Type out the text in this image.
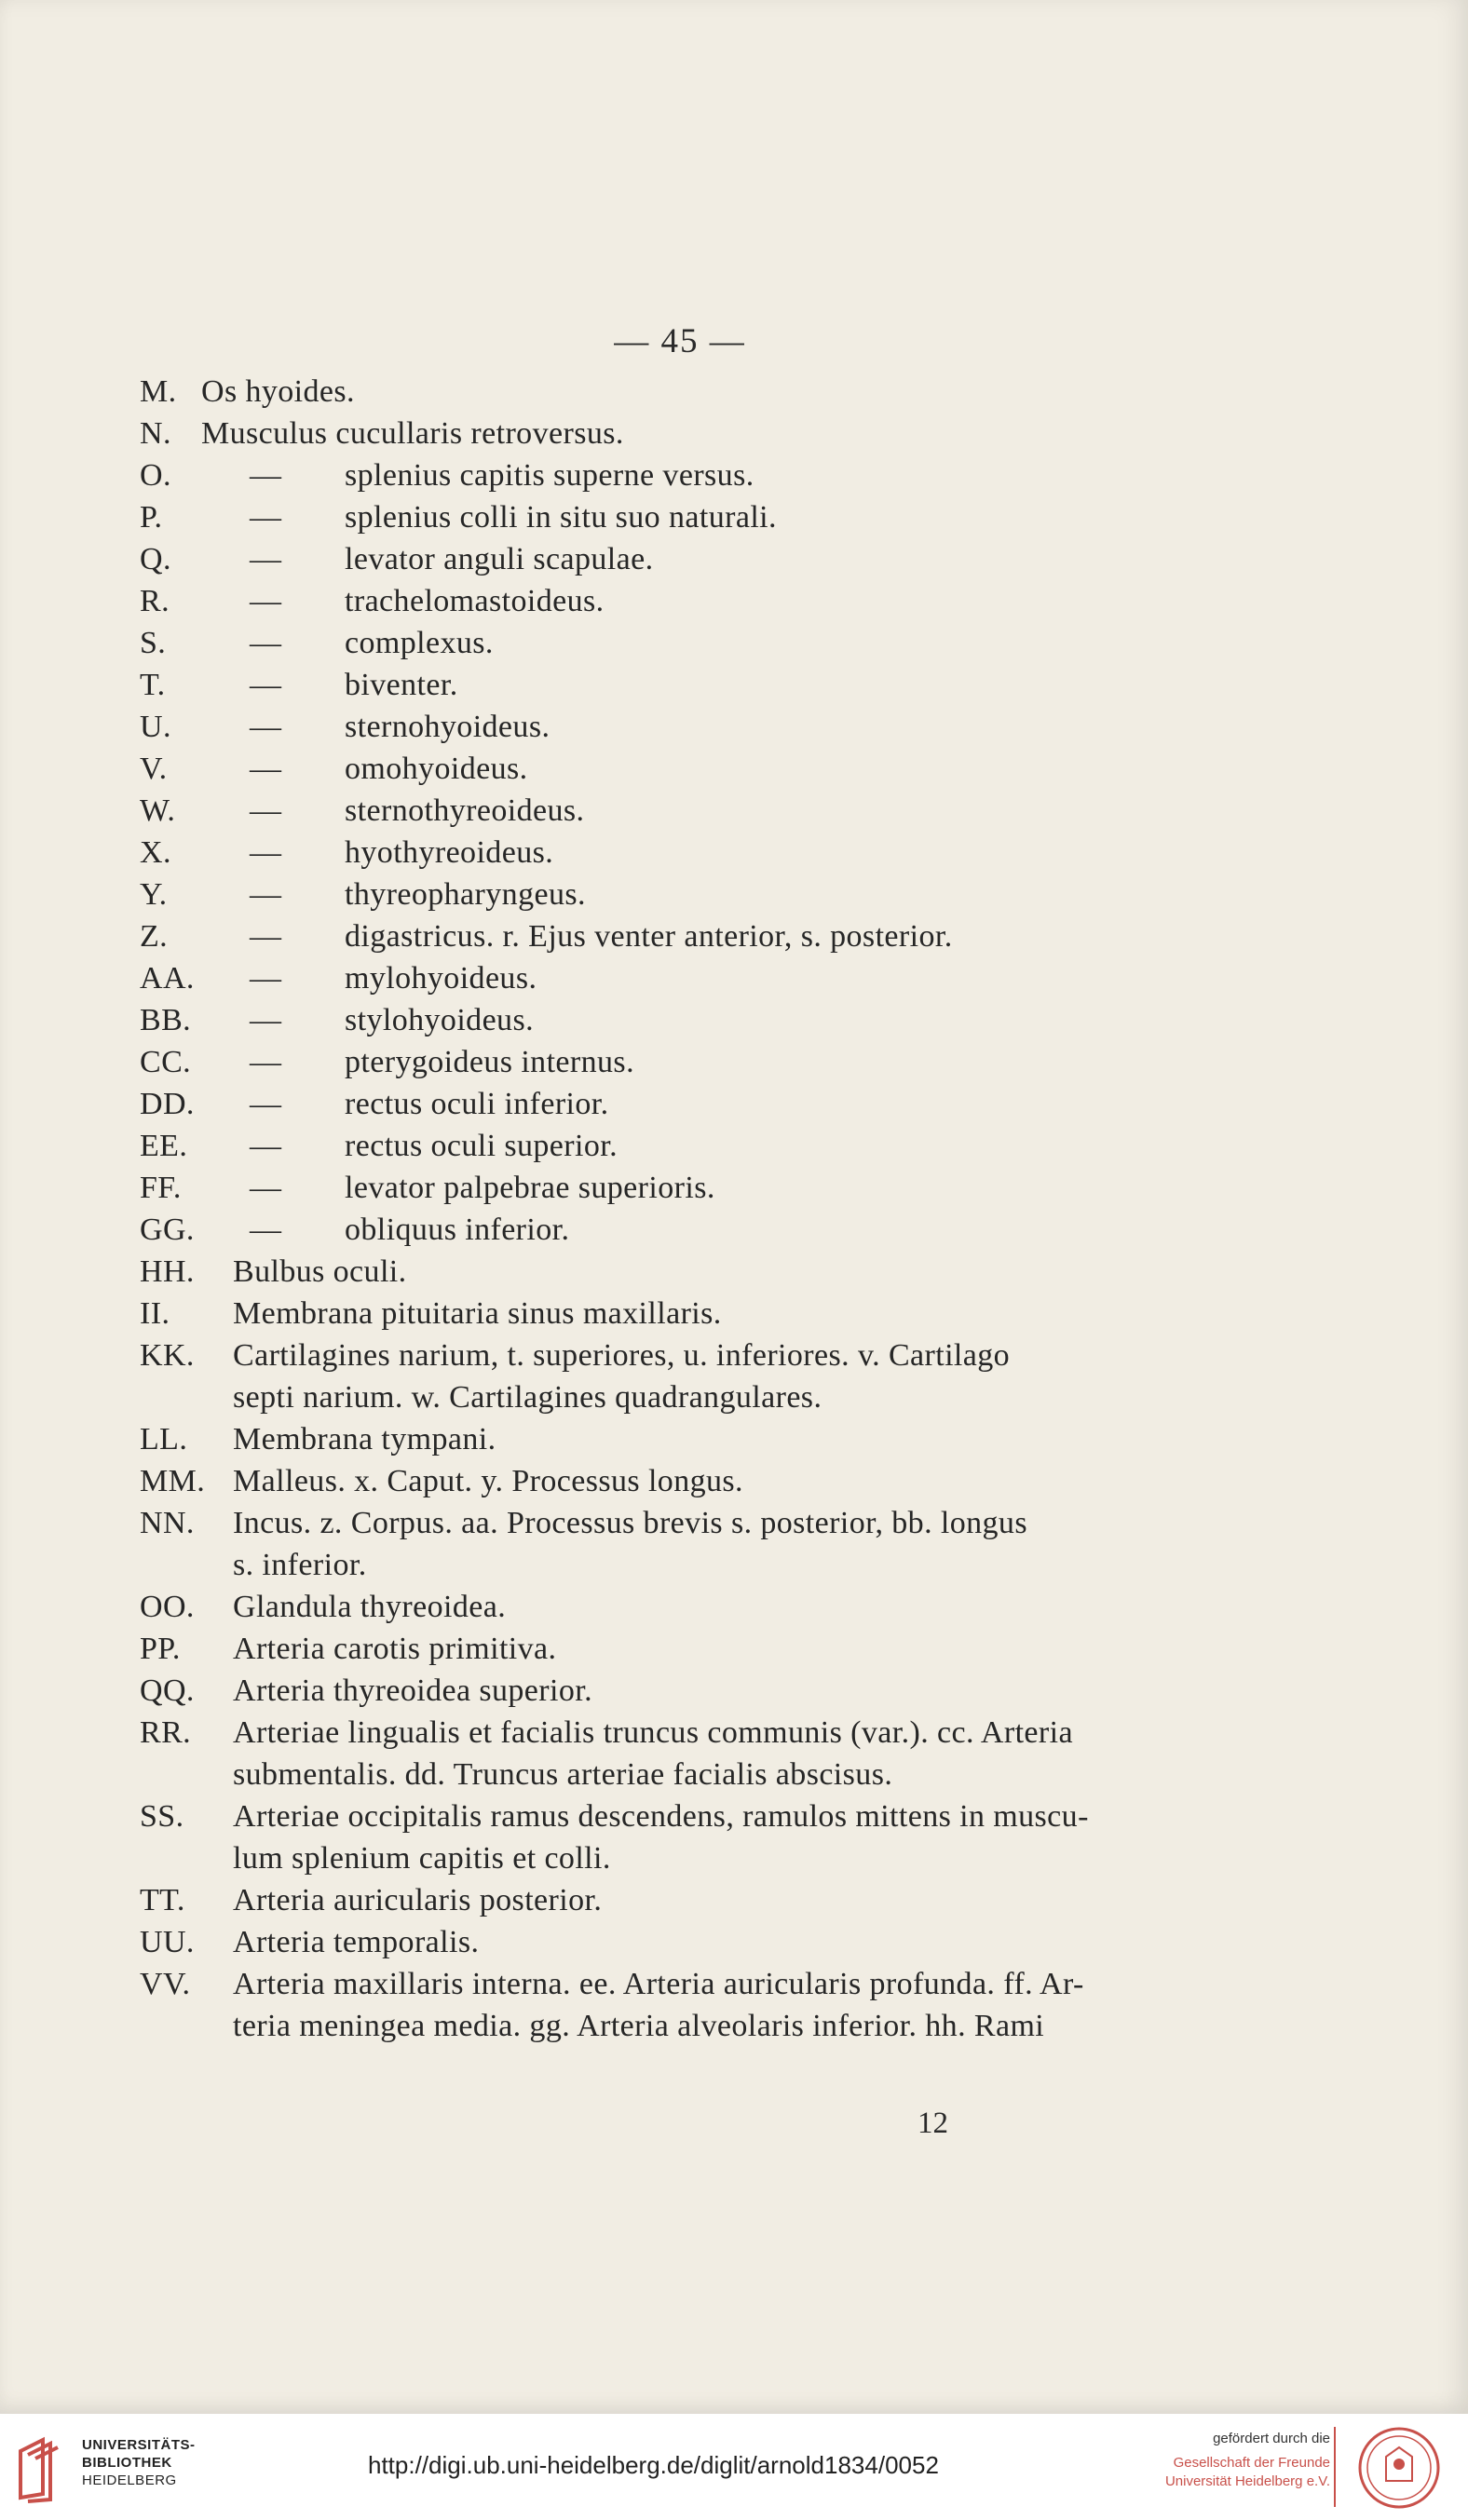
— 45 —
M. Os hyoides.
N. Musculus cucullaris retroversus.
O. — splenius capitis superne versus.
P.	— splenius colli in situ suo naturali.
Q. — levator anguli scapulae.
R.	— trachelomastoideus.
S.	— complexus.
T.	— biventer.
U. — sternohyoideus.
V.	— omohyoideus.
W. — sternothyreoideus.
X. — hyothyreoideus.
Y.	— thyreopharyngeus.
Z.	— digastricus. r. Ejus venter anterior, s. posterior.
AA. — mylohyoideus.
BB. — stylohyoideus.
CC. — pterygoideus internus.
DD. — rectus oculi inferior.
EE. — rectus oculi superior.
FF. — levator palpebrae superioris.
GG. — obliquus inferior.
HH. Bulbus oculi.
II. Membrana pituitaria sinus maxillaris.
KK. Cartilagines narium, t. superiores, u. inferiores. v. Cartilago
septi narium. w. Cartilagines quadrangulares.
LL. Membrana tympani.
MM. Malleus. x. Caput. y. Processus longus.
NN. Incus. z. Corpus. aa. Processus brevis s. posterior, bb. longus
s. inferior.
OO. Glandula thyreoidea.
PP. Arteria carotis primitiva.
QQ. Arteria thyreoidea superior.
RR. Arteriae lingualis et facialis truncus communis (var.). cc. Arteria
submentalis. dd. Truncus arteriae facialis abscisus.
SS. Arteriae occipitalis ramus descendens, ramulos mittens in muscu-
lum splenium capitis et colli.
TT. Arteria auricularis posterior.
UU. Arteria temporalis.
VV. Arteria maxillaris interna. ee. Arteria auricularis profunda. ff. Ar-
teria meningea media. gg. Arteria alveolaris inferior. hh. Rami
12
UNIVERSITÄTS-
BIBLIOTHEK
HEIDELBERG
http://digi.ub.uni-heidelberg.de/diglit/arnold1834/0052
gefördert durch die
Gesellschaft der Freunde
Universität Heidelberg e.V.
